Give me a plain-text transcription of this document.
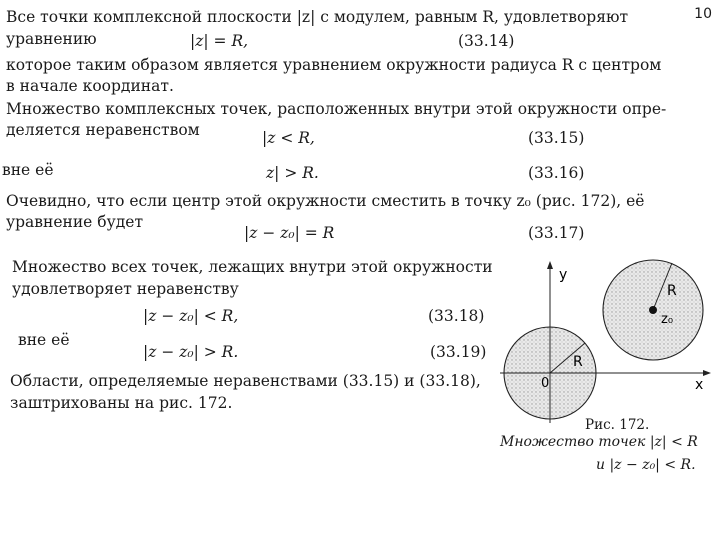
10
Все точки комплексной плоскости |z| с модулем, равным R, удовлетворяют
уравнению	|z| = R,	(33.14)
которое таким образом является уравнением окружности радиуса R с центром
в начале координат.
Множество комплексных точек, расположенных внутри этой окружности опре-
деляется неравенством	|z < R,	(33.15)
вне её	z| > R.	(33.16)
Очевидно, что если центр этой окружности сместить в точку z₀ (рис. 172), её
уравнение будет
|z − z₀| = R	(33.17)
Множество всех точек, лежащих внутри этой окружности
удовлетворяет неравенству
|z − z₀| < R,	(33.18)
вне её
|z − z₀| > R.	(33.19)
Области, определяемые неравенствами (33.15) и (33.18),
заштрихованы на рис. 172.
y
x
0
R
R
z₀
Рис. 172.
Множество точек |z| < R
и |z − z₀| < R.
